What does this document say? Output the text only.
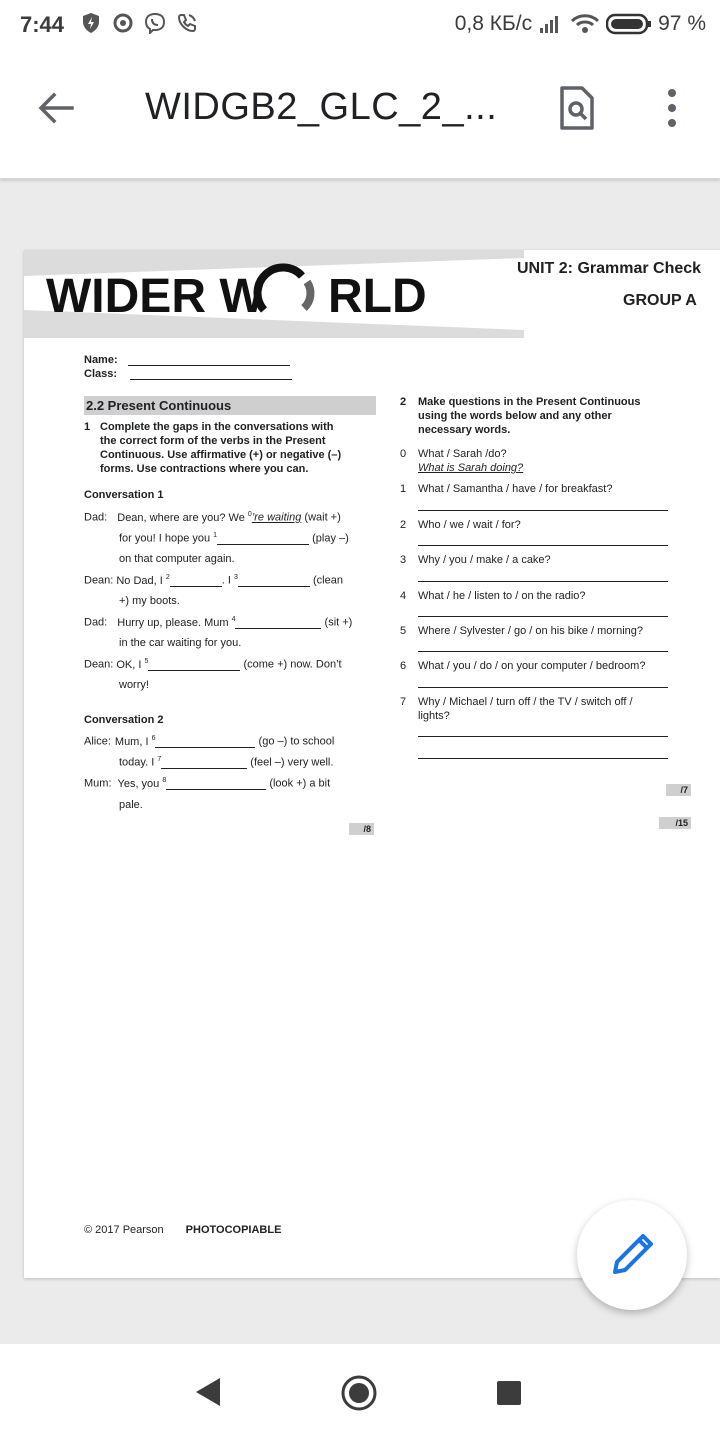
7:44	0,8 КБ/с	97 %
WIDGB2_GLC_2_...
WIDER W RLD
UNIT 2: Grammar Check
GROUP A
Name:
Class:
2.2 Present Continuous
1 Complete the gaps in the conversations with
the correct form of the verbs in the Present
Continuous. Use affirmative (+) or negative (–)
forms. Use contractions where you can.
Conversation 1
Dad: Dean, where are you? We $^0$’re waiting (wait +)
for you! I hope you $^1$	(play –)
on that computer again.
Dean: No Dad, I $^2$	. I $^3$	(clean
+) my boots.
Dad: Hurry up, please. Mum $^4$	(sit +)
in the car waiting for you.
Dean: OK, I $^5$	(come +) now. Don’t
worry!
Conversation 2
Alice: Mum, I $^6$	(go –) to school
today. I $^7$	(feel –) very well.
Mum: Yes, you $^8$	(look +) a bit
pale.
/8
2 Make questions in the Present Continuous
using the words below and any other
necessary words.
0 What / Sarah /do?
What is Sarah doing?
1 What / Samantha / have / for breakfast?
2 Who / we / wait / for?
3 Why / you / make / a cake?
4 What / he / listen to / on the radio?
5 Where / Sylvester / go / on his bike / morning?
6 What / you / do / on your computer / bedroom?
7 Why / Michael / turn off / the TV / switch off /
lights?
/7
/15
© 2017 Pearson PHOTOCOPIABLE
